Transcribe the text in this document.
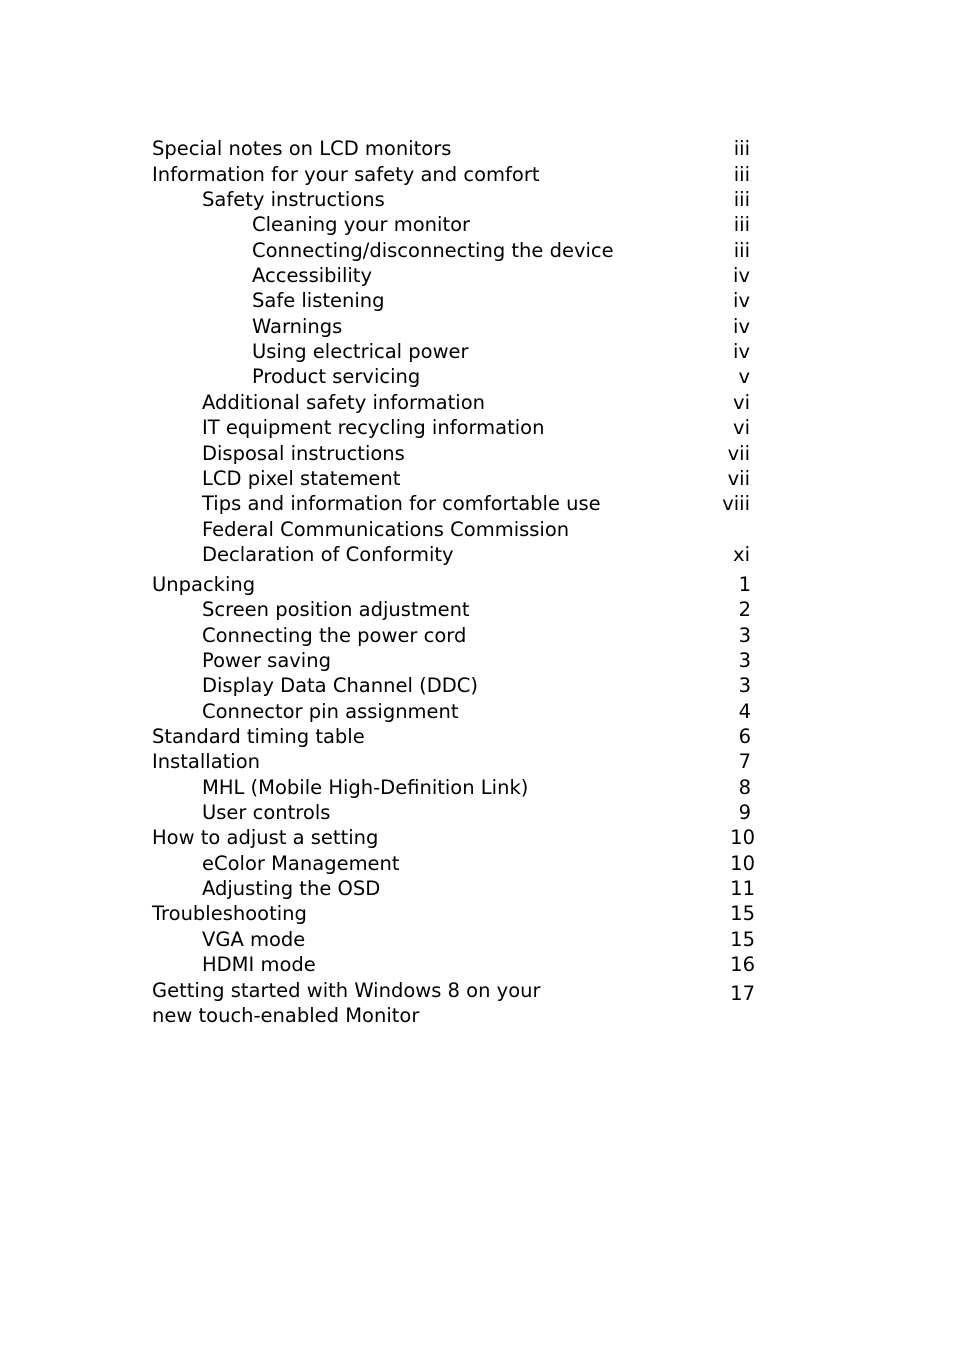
Special notes on LCD monitors	iii
Information for your safety and comfort	iii
Safety instructions	iii
Cleaning your monitor	iii
Connecting/disconnecting the device	iii
Accessibility	iv
Safe listening	iv
Warnings	iv
Using electrical power	iv
Product servicing	v
Additional safety information	vi
IT equipment recycling information	vi
Disposal instructions	vii
LCD pixel statement	vii
Tips and information for comfortable use	viii
Federal Communications Commission
Declaration of Conformity	xi
Unpacking	1
Screen position adjustment	2
Connecting the power cord	3
Power saving	3
Display Data Channel (DDC)	3
Connector pin assignment	4
Standard timing table	6
Installation	7
MHL (Mobile High-Definition Link)	8
User controls	9
How to adjust a setting	10
eColor Management	10
Adjusting the OSD	11
Troubleshooting	15
VGA mode	15
HDMI mode	16
Getting started with Windows 8 on your	17
new touch-enabled Monitor
